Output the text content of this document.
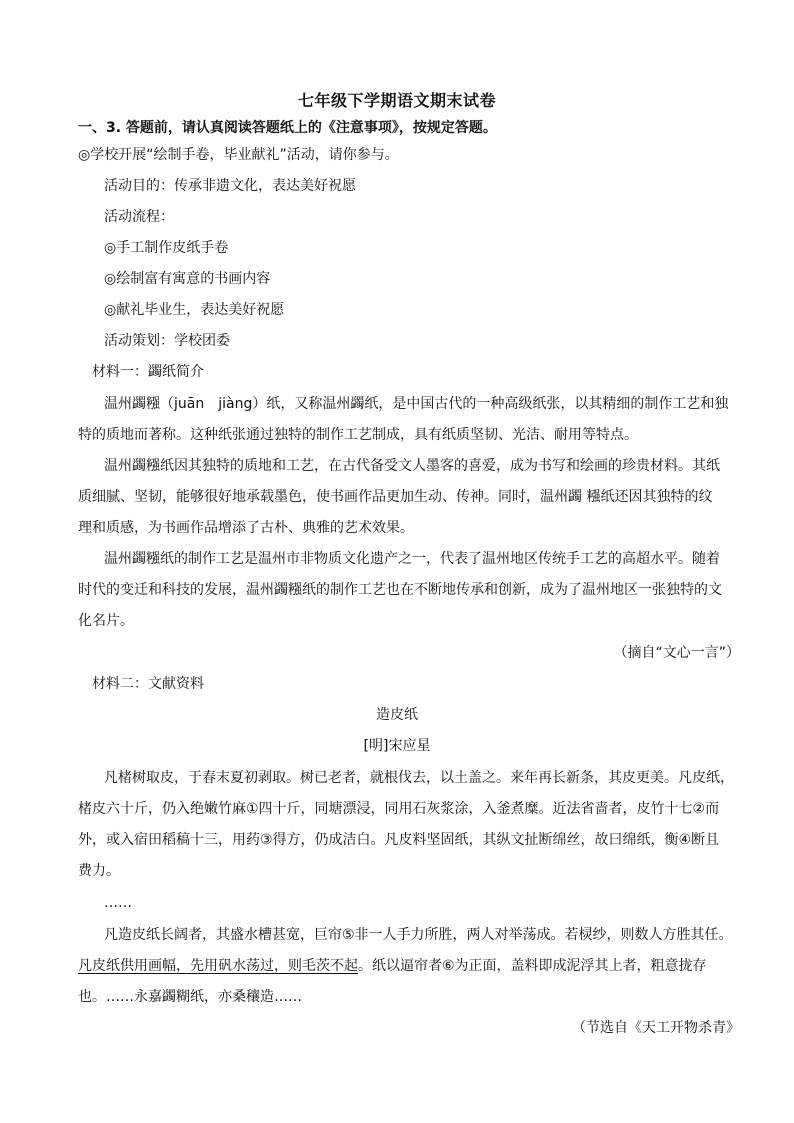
七年级下学期语文期末试卷
一、3. 答题前，请认真阅读答题纸上的《注意事项》，按规定答题。
◎学校开展“绘制手卷，毕业献礼”活动，请你参与。
活动目的：传承非遗文化，表达美好祝愿
活动流程：
◎手工制作皮纸手卷
◎绘制富有寓意的书画内容
◎献礼毕业生，表达美好祝愿
活动策划：学校团委
材料一：蠲纸简介
温州蠲糨（juān　jiàng）纸，又称温州蠲纸，是中国古代的一种高级纸张，以其精细的制作工艺和独
特的质地而著称。这种纸张通过独特的制作工艺制成，具有纸质坚韧、光洁、耐用等特点。
温州蠲糨纸因其独特的质地和工艺，在古代备受文人墨客的喜爱，成为书写和绘画的珍贵材料。其纸
质细腻、坚韧，能够很好地承载墨色，使书画作品更加生动、传神。同时，温州蠲 糨纸还因其独特的纹
理和质感，为书画作品增添了古朴、典雅的艺术效果。
温州蠲糨纸的制作工艺是温州市非物质文化遗产之一，代表了温州地区传统手工艺的高超水平。随着
时代的变迁和科技的发展，温州蠲糨纸的制作工艺也在不断地传承和创新，成为了温州地区一张独特的文
化名片。
（摘自“文心一言”）
材料二：文献资料
造皮纸
[明]宋应星
凡楮树取皮，于春末夏初剥取。树已老者，就根伐去，以土盖之。来年再长新条，其皮更美。凡皮纸，
楮皮六十斤，仍入绝嫩竹麻①四十斤，同塘漂浸，同用石灰浆涂，入釜煮糜。近法省啬者，皮竹十七②而
外，或入宿田稻稿十三，用药③得方，仍成洁白。凡皮料坚固纸，其纵文扯断绵丝，故曰绵纸，衡④断且
费力。
……
凡造皮纸长阔者，其盛水槽甚宽，巨帘⑤非一人手力所胜，两人对举荡成。若棂纱，则数人方胜其任。
凡皮纸供用画幅，先用矾水荡过，则毛茨不起。纸以逼帘者⑥为正面，盖料即成泥浮其上者，粗意拢存
也。……永嘉蠲糊纸，亦桑穰造……
（节选自《天工开物杀青》
